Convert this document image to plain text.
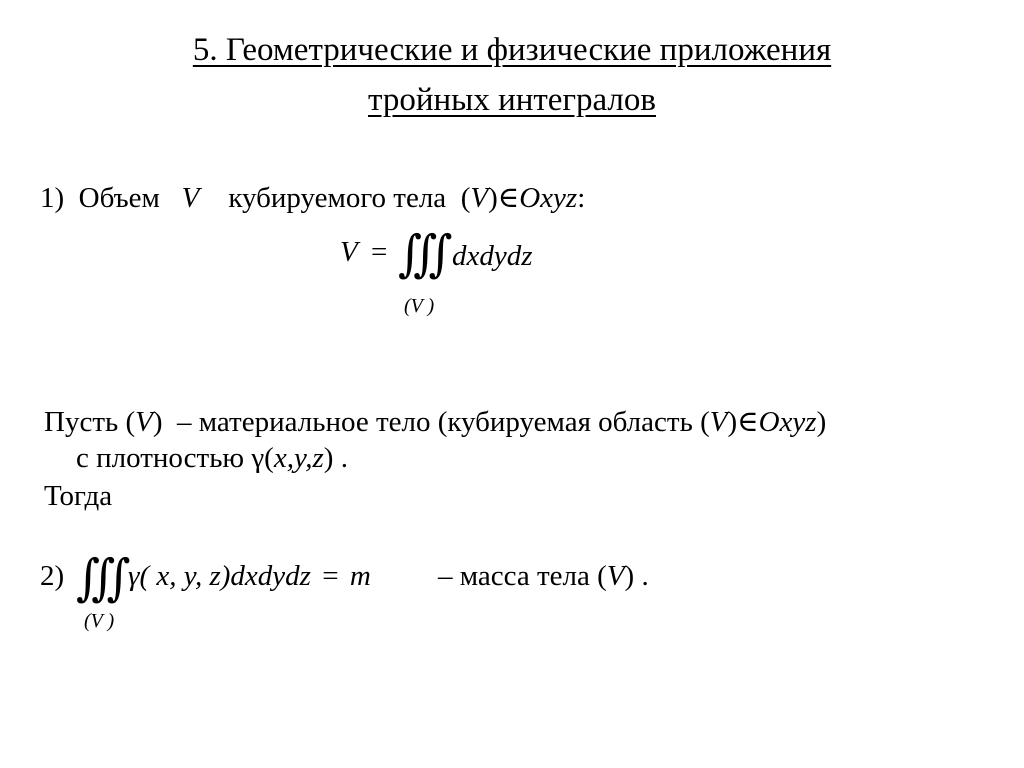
5. Геометрические и физические приложения
тройных интегралов
1) Объем V кубируемого тела (V)∈Oxyz:
V = ∭ dxdydz
(V )
Пусть (V) – материальное тело (кубируемая область (V)∈Oxyz)
с плотностью γ(x,y,z) .
Тогда
2) ∭ γ( x, y, z)dxdydz = m – масса тела (V) .
(V )
